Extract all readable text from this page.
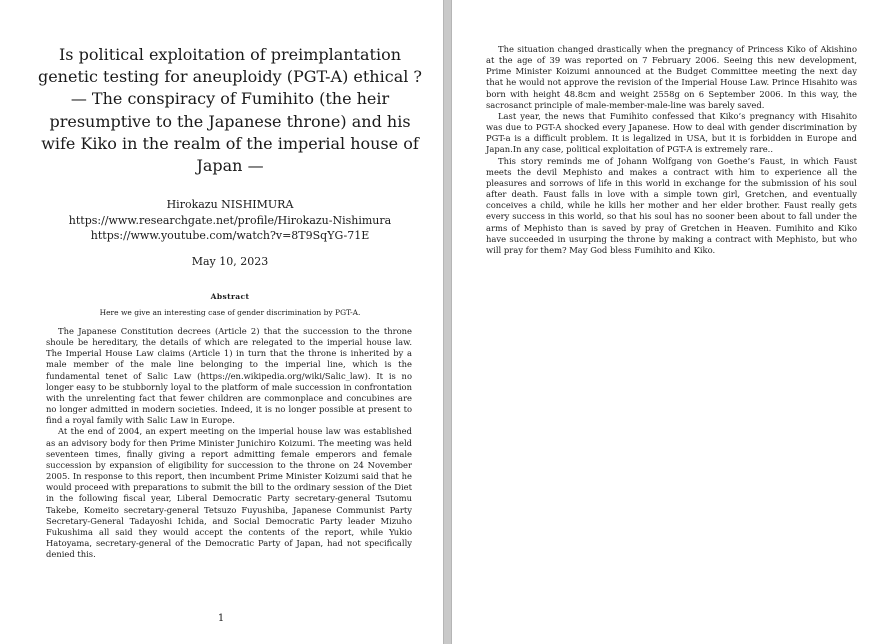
Is political exploitation of preimplantation genetic testing for aneuploidy (PGT-A) ethical ? — The conspiracy of Fumihito (the heir presumptive to the Japanese throne) and his wife Kiko in the realm of the imperial house of Japan —
Hirokazu NISHIMURA
https://www.researchgate.net/profile/Hirokazu-Nishimura
https://www.youtube.com/watch?v=8T9SqYG-71E
May 10, 2023
Abstract
Here we give an interesting case of gender discrimination by PGT-A.

The Japanese Constitution decrees (Article 2) that the succession to the throne shoule be hereditary, the details of which are relegated to the imperial house law. The Imperial House Law claims (Article 1) in turn that the throne is inherited by a male member of the male line belonging to the imperial line, which is the fundamental tenet of Salic Law (https://en.wikipedia.org/wiki/Salic_law). It is no longer easy to be stubbornly loyal to the platform of male succession in confrontation with the unrelenting fact that fewer children are commonplace and concubines are no longer admitted in modern societies. Indeed, it is no longer possible at present to find a royal family with Salic Law in Europe.

At the end of 2004, an expert meeting on the imperial house law was established as an advisory body for then Prime Minister Junichiro Koizumi. The meeting was held seventeen times, finally giving a report admitting female emperors and female succession by expansion of eligibility for succession to the throne on 24 November 2005. In response to this report, then incumbent Prime Minister Koizumi said that he would proceed with preparations to submit the bill to the ordinary session of the Diet in the following fiscal year, Liberal Democratic Party secretary-general Tsutomu Takebe, Komeito secretary-general Tetsuzo Fuyushiba, Japanese Communist Party Secretary-General Tadayoshi Ichida, and Social Democratic Party leader Mizuho Fukushima all said they would accept the contents of the report, while Yukio Hatoyama, secretary-general of the Democratic Party of Japan, had not specifically denied this.

1

The situation changed drastically when the pregnancy of Princess Kiko of Akishino at the age of 39 was reported on 7 February 2006. Seeing this new development, Prime Minister Koizumi announced at the Budget Committee meeting the next day that he would not approve the revision of the Imperial House Law. Prince Hisahito was born with height 48.8cm and weight 2558g on 6 September 2006. In this way, the sacrosanct principle of male-member-male-line was barely saved.

Last year, the news that Fumihito confessed that Kiko’s pregnancy with Hisahito was due to PGT-A shocked every Japanese. How to deal with gender discrimination by PGT-a is a difficult problem. It is legalized in USA, but it is forbidden in Europe and Japan.In any case, political exploitation of PGT-A is extremely rare..

This story reminds me of Johann Wolfgang von Goethe’s Faust, in which Faust meets the devil Mephisto and makes a contract with him to experience all the pleasures and sorrows of life in this world in exchange for the submission of his soul after death. Faust falls in love with a simple town girl, Gretchen, and eventually conceives a child, while he kills her mother and her elder brother. Faust really gets every success in this world, so that his soul has no sooner been about to fall under the arms of Mephisto than is saved by pray of Gretchen in Heaven. Fumihito and Kiko have succeeded in usurping the throne by making a contract with Mephisto, but who will pray for them? May God bless Fumihito and Kiko.
